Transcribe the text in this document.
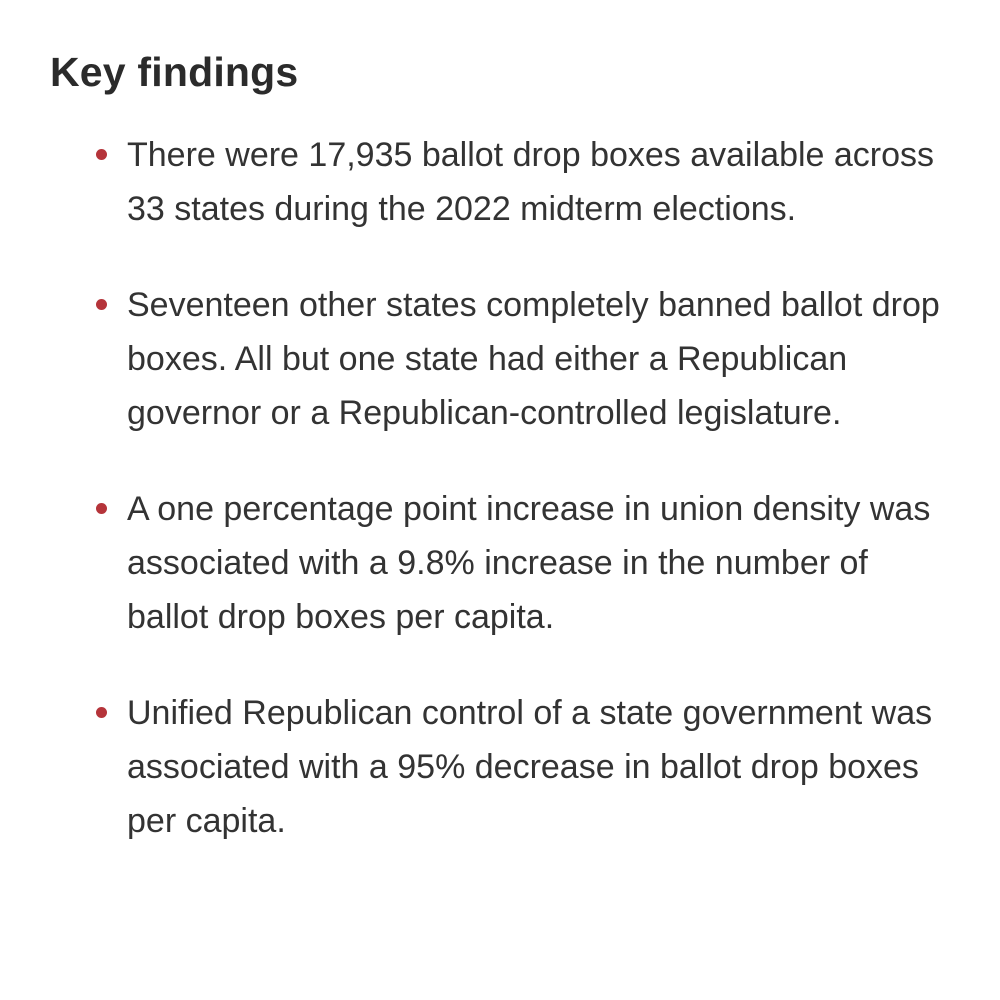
Key findings
There were 17,935 ballot drop boxes available across 33 states during the 2022 midterm elections.
Seventeen other states completely banned ballot drop boxes. All but one state had either a Republican governor or a Republican-controlled legislature.
A one percentage point increase in union density was associated with a 9.8% increase in the number of ballot drop boxes per capita.
Unified Republican control of a state government was associated with a 95% decrease in ballot drop boxes per capita.
